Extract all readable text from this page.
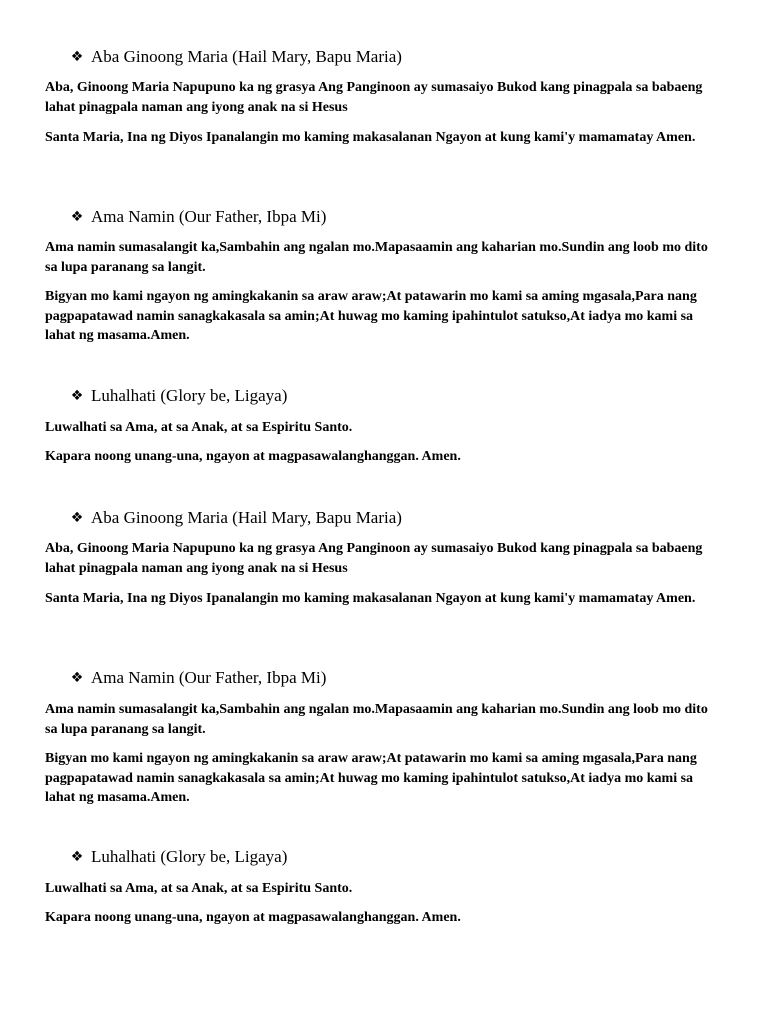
❖ Aba Ginoong Maria (Hail Mary, Bapu Maria)

Aba, Ginoong Maria Napupuno ka ng grasya Ang Panginoon ay sumasaiyo Bukod kang pinagpala sa babaeng lahat pinagpala naman ang iyong anak na si Hesus

Santa Maria, Ina ng Diyos Ipanalangin mo kaming makasalanan Ngayon at kung kami'y mamamatay Amen.

❖ Ama Namin (Our Father, Ibpa Mi)

Ama namin sumasalangit ka,Sambahin ang ngalan mo.Mapasaamin ang kaharian mo.Sundin ang loob mo dito sa lupa paranang sa langit.

Bigyan mo kami ngayon ng amingkakanin sa araw araw;At patawarin mo kami sa aming mgasala,Para nang pagpapatawad namin sanagkakasala sa amin;At huwag mo kaming ipahintulot satukso,At iadya mo kami sa lahat ng masama.Amen.

❖ Luhalhati (Glory be, Ligaya)

Luwalhati sa Ama, at sa Anak, at sa Espiritu Santo.

Kapara noong unang-una, ngayon at magpasawalanghanggan. Amen.

❖ Aba Ginoong Maria (Hail Mary, Bapu Maria)

Aba, Ginoong Maria Napupuno ka ng grasya Ang Panginoon ay sumasaiyo Bukod kang pinagpala sa babaeng lahat pinagpala naman ang iyong anak na si Hesus

Santa Maria, Ina ng Diyos Ipanalangin mo kaming makasalanan Ngayon at kung kami'y mamamatay Amen.

❖ Ama Namin (Our Father, Ibpa Mi)

Ama namin sumasalangit ka,Sambahin ang ngalan mo.Mapasaamin ang kaharian mo.Sundin ang loob mo dito sa lupa paranang sa langit.

Bigyan mo kami ngayon ng amingkakanin sa araw araw;At patawarin mo kami sa aming mgasala,Para nang pagpapatawad namin sanagkakasala sa amin;At huwag mo kaming ipahintulot satukso,At iadya mo kami sa lahat ng masama.Amen.

❖ Luhalhati (Glory be, Ligaya)

Luwalhati sa Ama, at sa Anak, at sa Espiritu Santo.

Kapara noong unang-una, ngayon at magpasawalanghanggan. Amen.
